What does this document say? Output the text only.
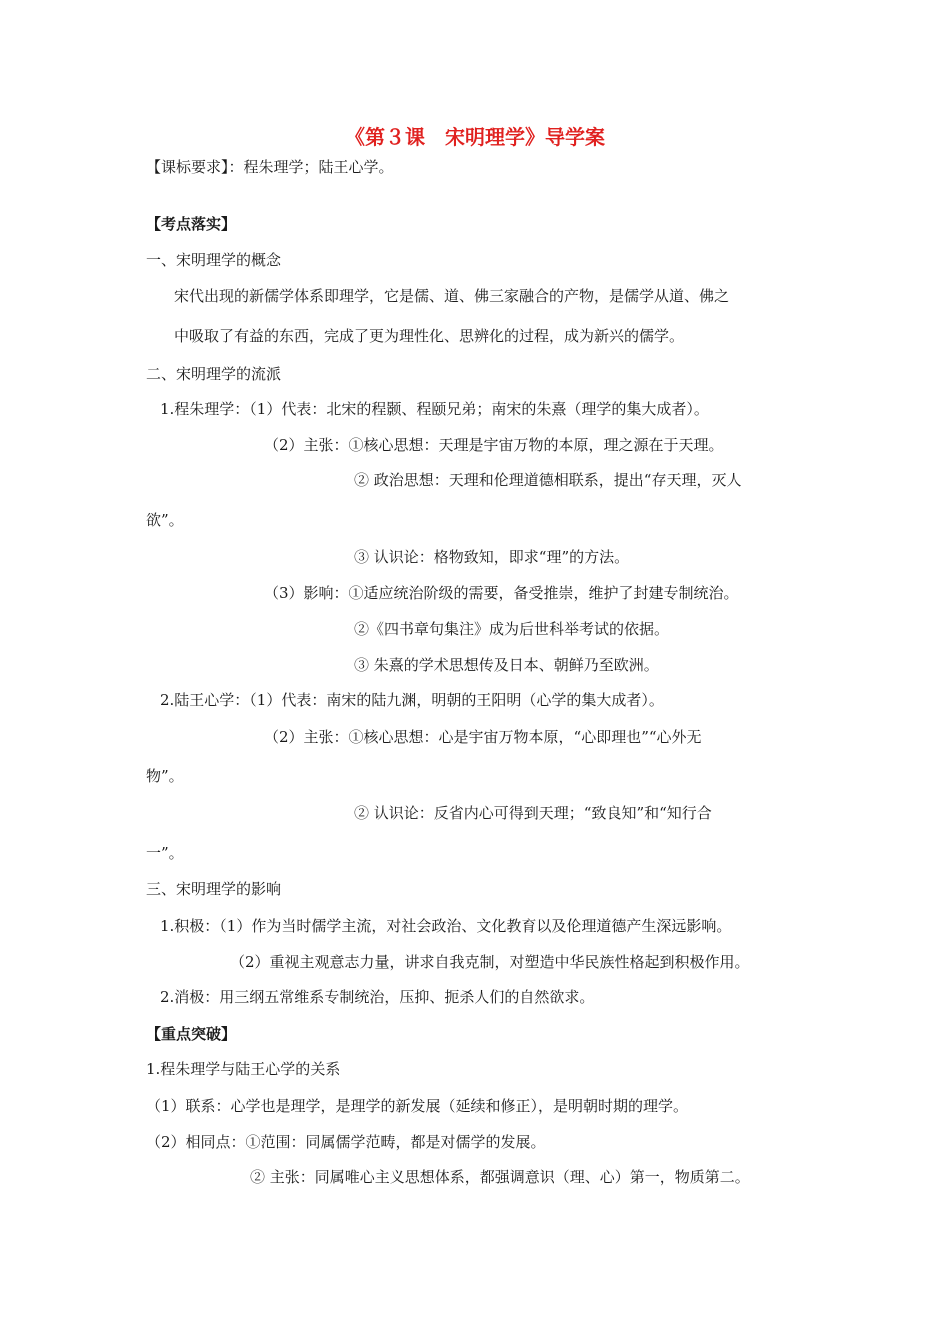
《第３课　宋明理学》导学案
【课标要求】：程朱理学；陆王心学。
【考点落实】
一、宋明理学的概念
宋代出现的新儒学体系即理学，它是儒、道、佛三家融合的产物，是儒学从道、佛之
中吸取了有益的东西，完成了更为理性化、思辨化的过程，成为新兴的儒学。
二、宋明理学的流派
1.程朱理学：（1）代表：北宋的程颢、程颐兄弟；南宋的朱熹（理学的集大成者）。
（2）主张：①核心思想：天理是宇宙万物的本原，理之源在于天理。
② 政治思想：天理和伦理道德相联系，提出“存天理，灭人
欲”。
③ 认识论：格物致知，即求“理”的方法。
（3）影响：①适应统治阶级的需要，备受推崇，维护了封建专制统治。
②《四书章句集注》成为后世科举考试的依据。
③ 朱熹的学术思想传及日本、朝鲜乃至欧洲。
2.陆王心学：（1）代表：南宋的陆九渊，明朝的王阳明（心学的集大成者）。
（2）主张：①核心思想：心是宇宙万物本原，“心即理也”“心外无
物”。
② 认识论：反省内心可得到天理；“致良知”和“知行合
一”。
三、宋明理学的影响
1.积极：（1）作为当时儒学主流，对社会政治、文化教育以及伦理道德产生深远影响。
（2）重视主观意志力量，讲求自我克制，对塑造中华民族性格起到积极作用。
2.消极：用三纲五常维系专制统治，压抑、扼杀人们的自然欲求。
【重点突破】
1.程朱理学与陆王心学的关系
（1）联系：心学也是理学，是理学的新发展（延续和修正），是明朝时期的理学。
（2）相同点：①范围：同属儒学范畴，都是对儒学的发展。
② 主张：同属唯心主义思想体系，都强调意识（理、心）第一，物质第二。
